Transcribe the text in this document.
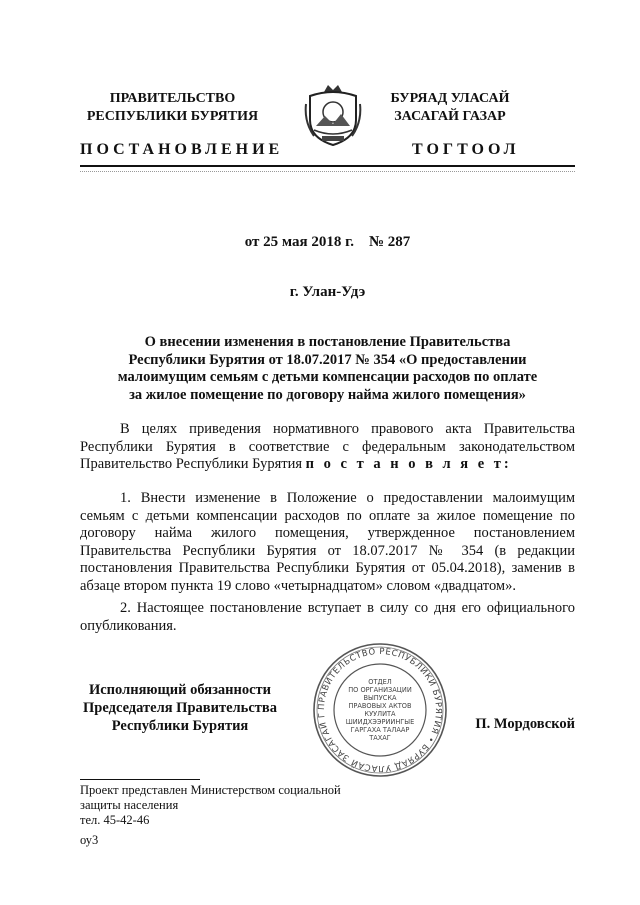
ПРАВИТЕЛЬСТВО
РЕСПУБЛИКИ БУРЯТИЯ
БУРЯАД УЛАСАЙ
ЗАСАГАЙ ГАЗАР
ПОСТАНОВЛЕНИЕ	ТОГТООЛ
от 25 мая 2018 г.    № 287
г. Улан-Удэ
О внесении изменения в постановление Правительства
Республики Бурятия от 18.07.2017 № 354 «О предоставлении
малоимущим семьям с детьми компенсации расходов по оплате
за жилое помещение по договору найма жилого помещения»
В целях приведения нормативного правового акта Правительства Республики Бурятия в соответствие с федеральным законодательством Правительство Республики Бурятия п о с т а н о в л я е т:
1. Внести изменение в Положение о предоставлении малоимущим семьям с детьми компенсации расходов по оплате за жилое помещение по договору найма жилого помещения, утвержденное постановлением Правительства Республики Бурятия от 18.07.2017 № 354 (в редакции постановления Правительства Республики Бурятия от 05.04.2018), заменив в абзаце втором пункта 19 слово «четырнадцатом» словом «двадцатом».
2. Настоящее постановление вступает в силу со дня его официального опубликования.
Исполняющий обязанности
Председателя Правительства
Республики Бурятия
ПРАВИТЕЛЬСТВО РЕСПУБЛИКИ БУРЯТИЯ • БУРЯАД УЛАСАЙ ЗАСАГАЙ Г
ОТДЕЛ
ПО ОРГАНИЗАЦИИ
ВЫПУСКА
ПРАВОВЫХ АКТОВ
КУУЛИТА
ШИИДХЭЭРИИНГЫЕ
ГАРГАХА ТАЛААР
ТАХАГ
П. Мордовской
Проект представлен Министерством социальной
защиты населения
тел. 45-42-46
оу3
